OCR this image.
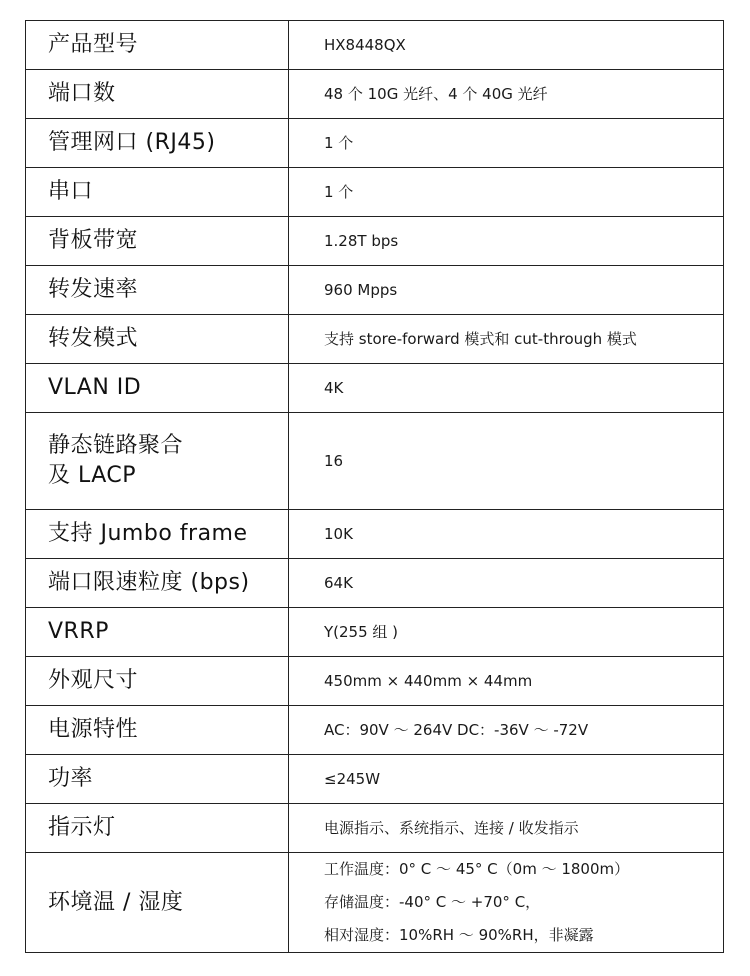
产品型号	HX8448QX
端口数	48 个 10G 光纤、4 个 40G 光纤
管理网口 (RJ45)	1 个
串口	1 个
背板带宽	1.28T bps
转发速率	960 Mpps
转发模式	支持 store-forward 模式和 cut-through 模式
VLAN ID	4K

静态链路聚合
及 LACP	16
支持 Jumbo frame	10K
端口限速粒度 (bps)	64K
VRRP	Y(255 组 )
外观尺寸	450mm × 440mm × 44mm
电源特性	AC：90V ～ 264V DC：-36V ～ -72V
功率	≤245W
指示灯	电源指示、系统指示、连接 / 收发指示
环境温 / 湿度	工作温度：0° C ～ 45° C（0m ～ 1800m）
存储温度：-40° C ～ +70° C，
相对湿度：10%RH ～ 90%RH，非凝露
